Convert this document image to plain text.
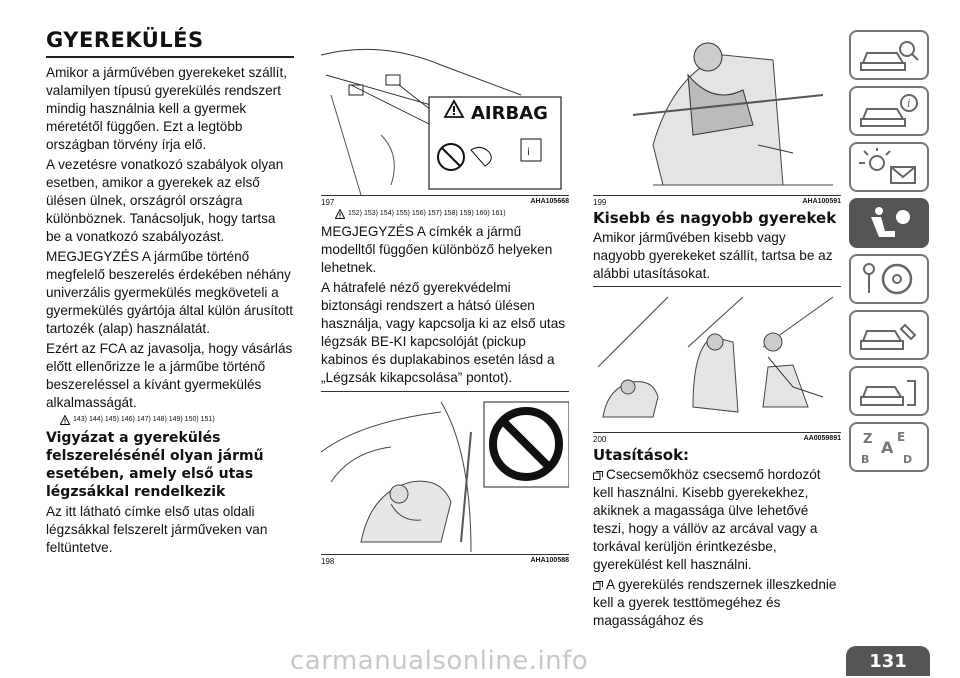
GYEREKÜLÉS

Amikor a járművében gyerekeket szállít, valamilyen típusú gyerekülés rendszert mindig használnia kell a gyermek méretétől függően. Ezt a legtöbb országban törvény írja elő.

A vezetésre vonatkozó szabályok olyan esetben, amikor a gyerekek az első ülésen ülnek, országról országra különböznek. Tanácsoljuk, hogy tartsa be a vonatkozó szabályozást.

MEGJEGYZÉS A járműbe történő megfelelő beszerelés érdekében néhány univerzális gyermekülés megköveteli a gyermekülés gyártója által külön árusított tartozék (alap) használatát.

Ezért az FCA az javasolja, hogy vásárlás előtt ellenőrizze le a járműbe történő beszereléssel a kívánt gyermekülés alkalmasságát.

143) 144) 145) 146) 147) 148) 149) 150) 151)
Vigyázat a gyerekülés felszerelésénél olyan jármű esetében, amely első utas légzsákkal rendelkezik

Az itt látható címke első utas oldali légzsákkal felszerelt járműveken van feltüntetve.

i
AIRBAG
197	AHA105668
152) 153) 154) 155) 156) 157) 158) 159) 160) 161)

MEGJEGYZÉS A címkék a jármű modelltől függően különböző helyeken lehetnek.

A hátrafelé néző gyerekvédelmi biztonsági rendszert a hátsó ülésen használja, vagy kapcsolja ki az első utas légzsák BE-KI kapcsolóját (pickup kabinos és duplakabinos esetén lásd a „Légzsák kikapcsolása” pontot).

198	AHA100588
199	AHA100591
Kisebb és nagyobb gyerekek

Amikor járművében kisebb vagy nagyobb gyerekeket szállít, tartsa be az alábbi utasításokat.

200	AA0059891
Utasítások:

Csecsemőkhöz csecsemő hordozót kell használni. Kisebb gyerekekhez, akiknek a magassága ülve lehetővé teszi, hogy a vállöv az arcával vagy a torkával kerüljön érintkezésbe, gyerekülést kell használni.

A gyerekülés rendszernek illeszkednie kell a gyerek testtömegéhez és magasságához és

i
Z E
A
B	D
131
carmanualsonline.info
